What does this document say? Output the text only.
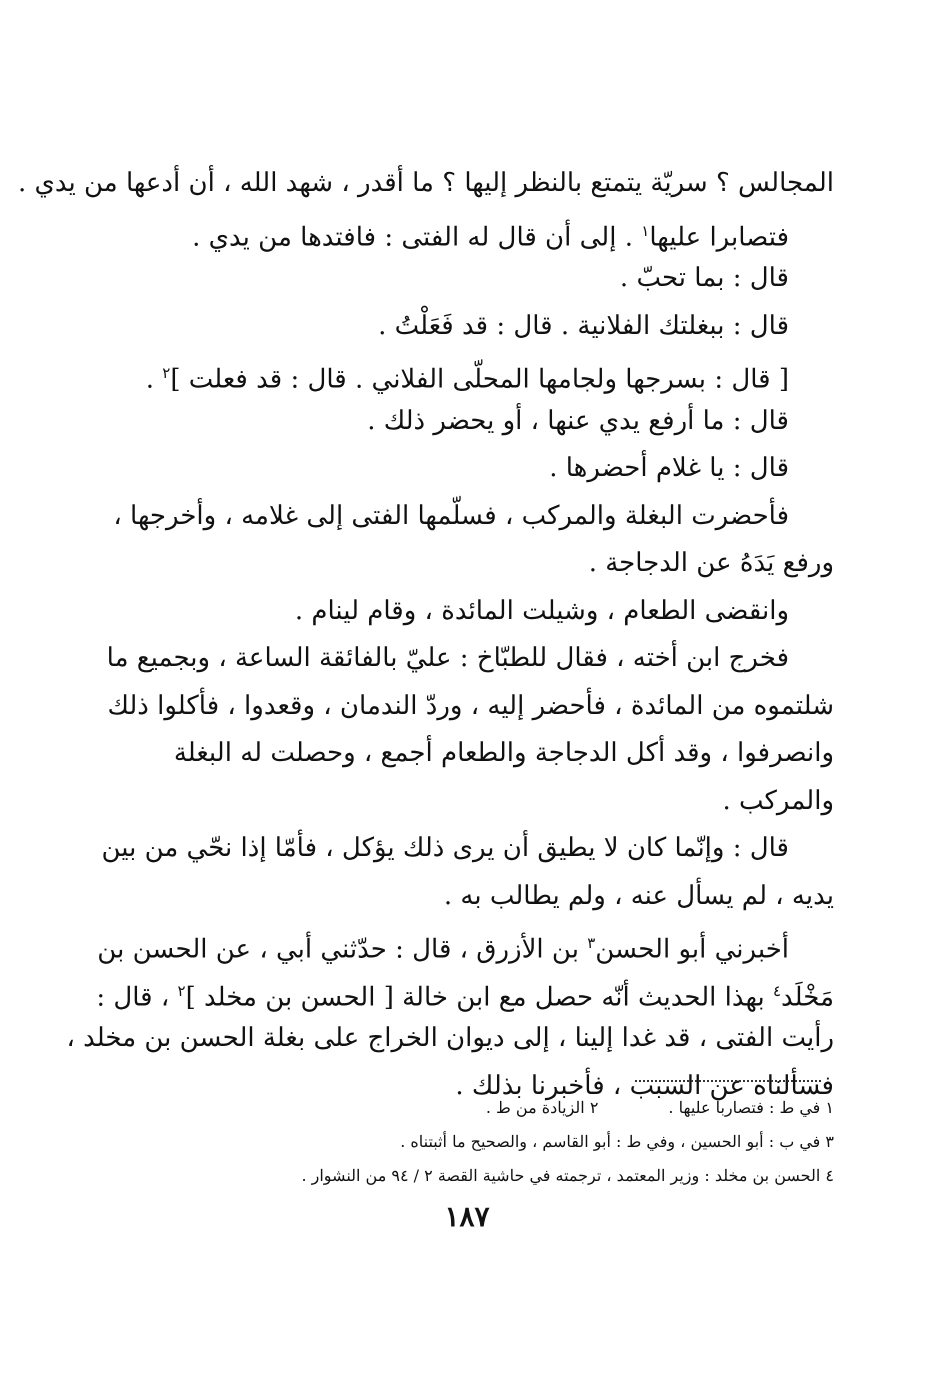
المجالس ؟ سريّة يتمتع بالنظر إليها ؟ ما أقدر ، شهد الله ، أن أدعها من يدي .
فتصابرا عليها$^١$ . إلى أن قال له الفتى : فافتدها من يدي .
قال : بما تحبّ .
قال : ببغلتك الفلانية . قال : قد فَعَلْتُ .
[ قال : بسرجها ولجامها المحلّى الفلاني . قال : قد فعلت ]$^٢$ .
قال : ما أرفع يدي عنها ، أو يحضر ذلك .
قال : يا غلام أحضرها .
فأحضرت البغلة والمركب ، فسلّمها الفتى إلى غلامه ، وأخرجها ،
ورفع يَدَهُ عن الدجاجة .
وانقضى الطعام ، وشيلت المائدة ، وقام لينام .
فخرج ابن أخته ، فقال للطبّاخ : عليّ بالفائقة الساعة ، وبجميع ما
شلتموه من المائدة ، فأحضر إليه ، وردّ الندمان ، وقعدوا ، فأكلوا ذلك
وانصرفوا ، وقد أكل الدجاجة والطعام أجمع ، وحصلت له البغلة
والمركب .
قال : وإنّما كان لا يطيق أن يرى ذلك يؤكل ، فأمّا إذا نحّي من بين
يديه ، لم يسأل عنه ، ولم يطالب به .
أخبرني أبو الحسن$^٣$ بن الأزرق ، قال : حدّثني أبي ، عن الحسن بن
مَخْلَد$^٤$ بهذا الحديث أنّه حصل مع ابن خالة [ الحسن بن مخلد ]$^٢$ ، قال :
رأيت الفتى ، قد غدا إلينا ، إلى ديوان الخراج على بغلة الحسن بن مخلد ،
فسألناه عن السبب ، فأخبرنا بذلك .
١ في ط : فتصاربا عليها .٢ الزيادة من ط .
٣ في ب : أبو الحسين ، وفي ط : أبو القاسم ، والصحيح ما أثبتناه .
٤ الحسن بن مخلد : وزير المعتمد ، ترجمته في حاشية القصة ٢ / ٩٤ من النشوار .
١٨٧
